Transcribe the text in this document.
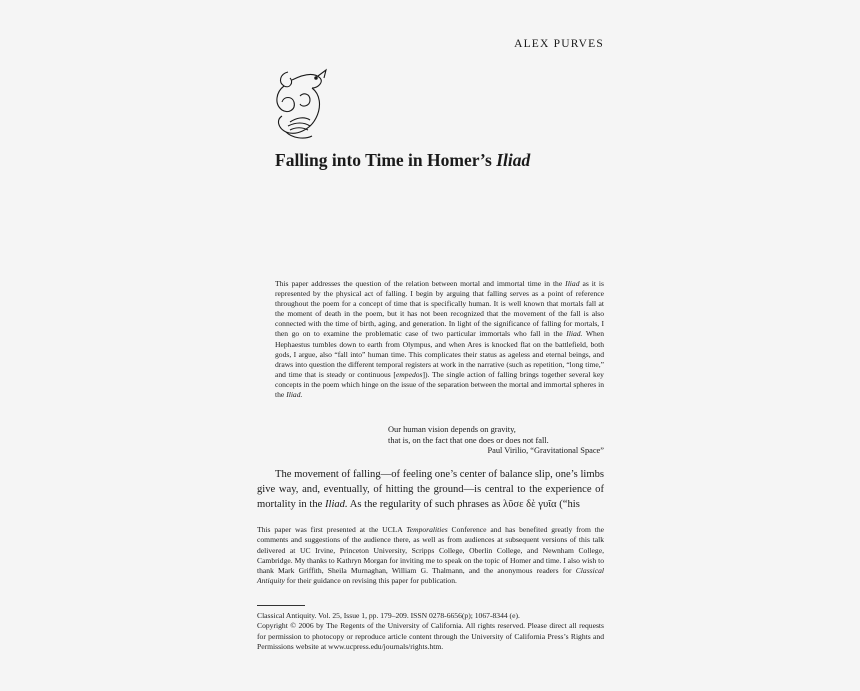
ALEX PURVES
Falling into Time in Homer’s Iliad

This paper addresses the question of the relation between mortal and immortal time in the Iliad as it is represented by the physical act of falling. I begin by arguing that falling serves as a point of reference throughout the poem for a concept of time that is specifically human. It is well known that mortals fall at the moment of death in the poem, but it has not been recognized that the movement of the fall is also connected with the time of birth, aging, and generation. In light of the significance of falling for mortals, I then go on to examine the problematic case of two particular immortals who fall in the Iliad. When Hephaestus tumbles down to earth from Olympus, and when Ares is knocked flat on the battlefield, both gods, I argue, also “fall into” human time. This complicates their status as ageless and eternal beings, and draws into question the different temporal registers at work in the narrative (such as repetition, “long time,” and time that is steady or continuous [empedos]). The single action of falling brings together several key concepts in the poem which hinge on the issue of the separation between the mortal and immortal spheres in the Iliad.

Our human vision depends on gravity,
that is, on the fact that one does or does not fall.
Paul Virilio, “Gravitational Space”

The movement of falling—of feeling one’s center of balance slip, one’s limbs give way, and, eventually, of hitting the ground—is central to the experience of mortality in the Iliad. As the regularity of such phrases as λῦσε δὲ γυῖα (“his

This paper was first presented at the UCLA Temporalities Conference and has benefited greatly from the comments and suggestions of the audience there, as well as from audiences at subsequent versions of this talk delivered at UC Irvine, Princeton University, Scripps College, Oberlin College, and Newnham College, Cambridge. My thanks to Kathryn Morgan for inviting me to speak on the topic of Homer and time. I also wish to thank Mark Griffith, Sheila Murnaghan, William G. Thalmann, and the anonymous readers for Classical Antiquity for their guidance on revising this paper for publication.

Classical Antiquity. Vol. 25, Issue 1, pp. 179–209. ISSN 0278-6656(p); 1067-8344 (e).
Copyright © 2006 by The Regents of the University of California. All rights reserved. Please direct all requests for permission to photocopy or reproduce article content through the University of California Press’s Rights and Permissions website at www.ucpress.edu/journals/rights.htm.
